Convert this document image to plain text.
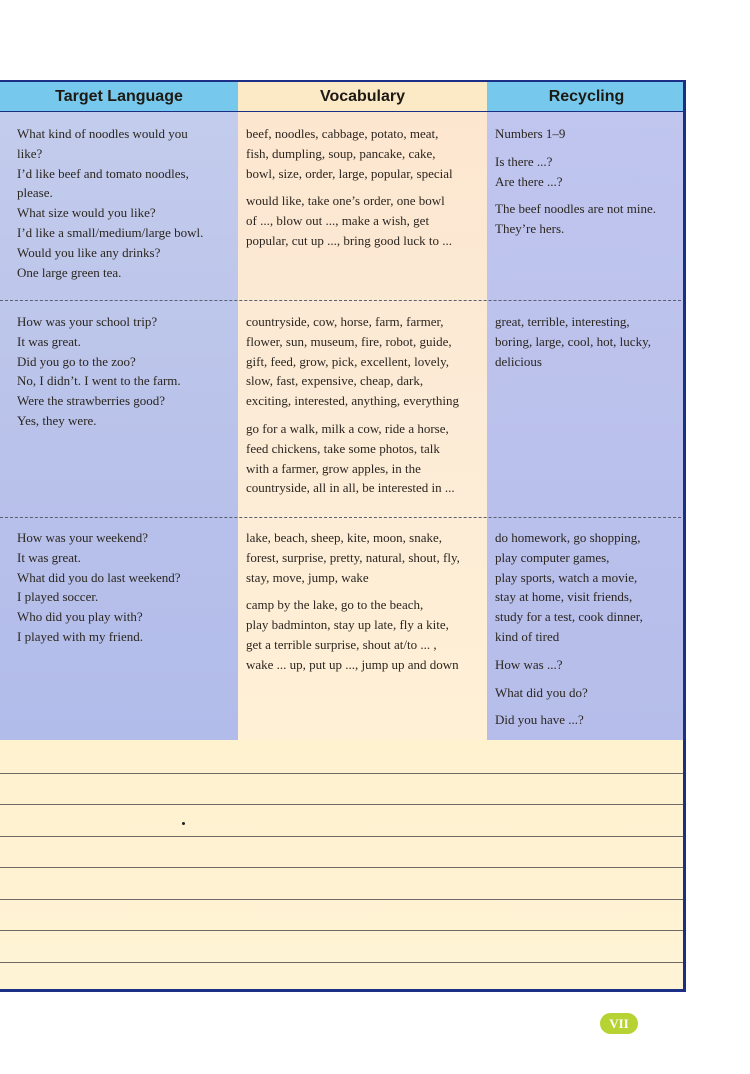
Target Language	Vocabulary	Recycling
What kind of noodles would you
like?
I’d like beef and tomato noodles,
please.
What size would you like?
I’d like a small/medium/large bowl.
Would you like any drinks?
One large green tea.

beef, noodles, cabbage, potato, meat,
fish, dumpling, soup, pancake, cake,
bowl, size, order, large, popular, special

would like, take one’s order, one bowl
of ..., blow out ..., make a wish, get
popular, cut up ..., bring good luck to ...

Numbers 1–9

Is there ...?
Are there ...?

The beef noodles are not mine.
They’re hers.

How was your school trip?
It was great.
Did you go to the zoo?
No, I didn’t. I went to the farm.
Were the strawberries good?
Yes, they were.

countryside, cow, horse, farm, farmer,
flower, sun, museum, fire, robot, guide,
gift, feed, grow, pick, excellent, lovely,
slow, fast, expensive, cheap, dark,
exciting, interested, anything, everything

go for a walk, milk a cow, ride a horse,
feed chickens, take some photos, talk
with a farmer, grow apples, in the
countryside, all in all, be interested in ...

great, terrible, interesting,
boring, large, cool, hot, lucky,
delicious

How was your weekend?
It was great.
What did you do last weekend?
I played soccer.
Who did you play with?
I played with my friend.

lake, beach, sheep, kite, moon, snake,
forest, surprise, pretty, natural, shout, fly,
stay, move, jump, wake

camp by the lake, go to the beach,
play badminton, stay up late, fly a kite,
get a terrible surprise, shout at/to ... ,
wake ... up, put up ..., jump up and down

do homework, go shopping,
play computer games,
play sports, watch a movie,
stay at home, visit friends,
study for a test, cook dinner,
kind of tired

How was ...?

What did you do?

Did you have ...?

VII
